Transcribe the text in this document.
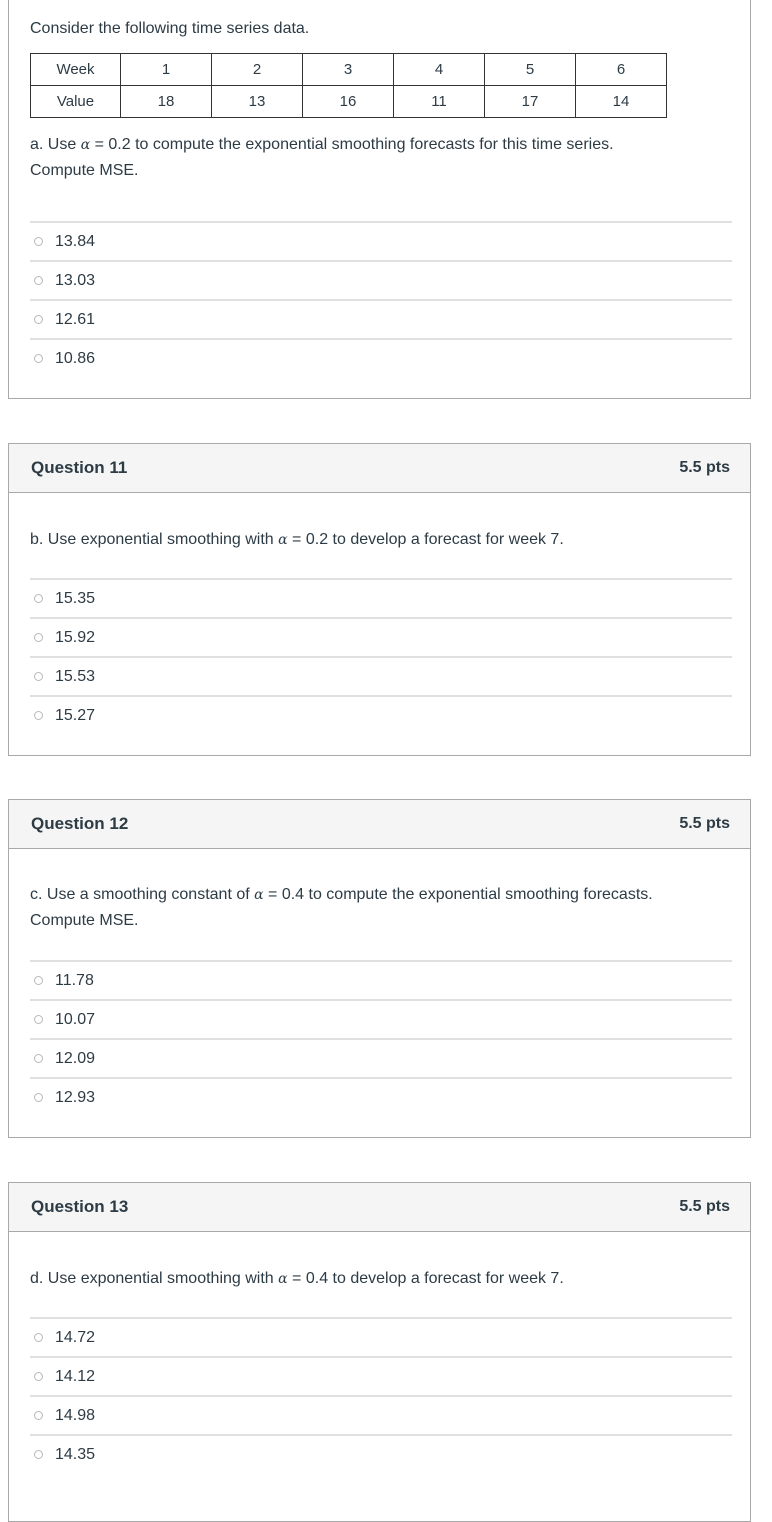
Consider the following time series data.

Week	1	2	3	4	5	6
Value	18	13	16	11	17	14
a. Use α = 0.2 to compute the exponential smoothing forecasts for this time series.
Compute MSE.
13.84
13.03
12.61
10.86
Question 11	5.5 pts
b. Use exponential smoothing with α = 0.2 to develop a forecast for week 7.
15.35
15.92
15.53
15.27
Question 12	5.5 pts
c. Use a smoothing constant of α = 0.4 to compute the exponential smoothing forecasts.
Compute MSE.
11.78
10.07
12.09
12.93
Question 13	5.5 pts
d. Use exponential smoothing with α = 0.4 to develop a forecast for week 7.
14.72
14.12
14.98
14.35
